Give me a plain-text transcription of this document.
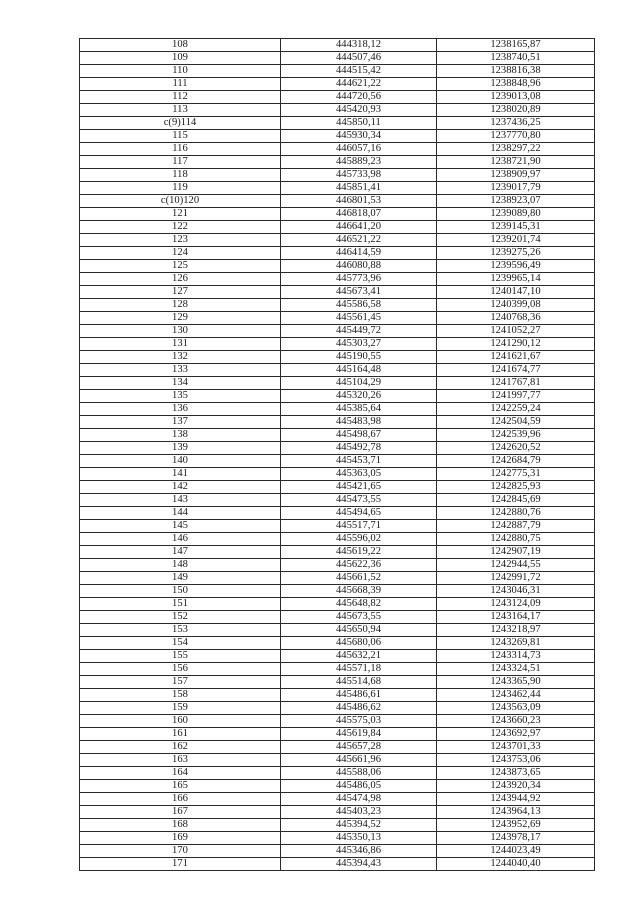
108	444318,12	1238165,87
109	444507,46	1238740,51
110	444515,42	1238816,38
111	444621,22	1238848,96
112	444720,56	1239013,08
113	445420,93	1238020,89
c(9)114	445850,11	1237436,25
115	445930,34	1237770,80
116	446057,16	1238297,22
117	445889,23	1238721,90
118	445733,98	1238909,97
119	445851,41	1239017,79
c(10)120	446801,53	1238923,07
121	446818,07	1239089,80
122	446641,20	1239145,31
123	446521,22	1239201,74
124	446414,59	1239275,26
125	446080,88	1239596,49
126	445773,96	1239965,14
127	445673,41	1240147,10
128	445586,58	1240399,08
129	445561,45	1240768,36
130	445449,72	1241052,27
131	445303,27	1241290,12
132	445190,55	1241621,67
133	445164,48	1241674,77
134	445104,29	1241767,81
135	445320,26	1241997,77
136	445385,64	1242259,24
137	445483,98	1242504,59
138	445498,67	1242539,96
139	445492,78	1242620,52
140	445453,71	1242684,79
141	445363,05	1242775,31
142	445421,65	1242825,93
143	445473,55	1242845,69
144	445494,65	1242880,76
145	445517,71	1242887,79
146	445596,02	1242880,75
147	445619,22	1242907,19
148	445622,36	1242944,55
149	445661,52	1242991,72
150	445668,39	1243046,31
151	445648,82	1243124,09
152	445673,55	1243164,17
153	445650,94	1243218,97
154	445680,06	1243269,81
155	445632,21	1243314,73
156	445571,18	1243324,51
157	445514,68	1243365,90
158	445486,61	1243462,44
159	445486,62	1243563,09
160	445575,03	1243660,23
161	445619,84	1243692,97
162	445657,28	1243701,33
163	445661,96	1243753,06
164	445588,06	1243873,65
165	445486,05	1243920,34
166	445474,98	1243944,92
167	445403,23	1243964,13
168	445394,52	1243952,69
169	445350,13	1243978,17
170	445346,86	1244023,49
171	445394,43	1244040,40
